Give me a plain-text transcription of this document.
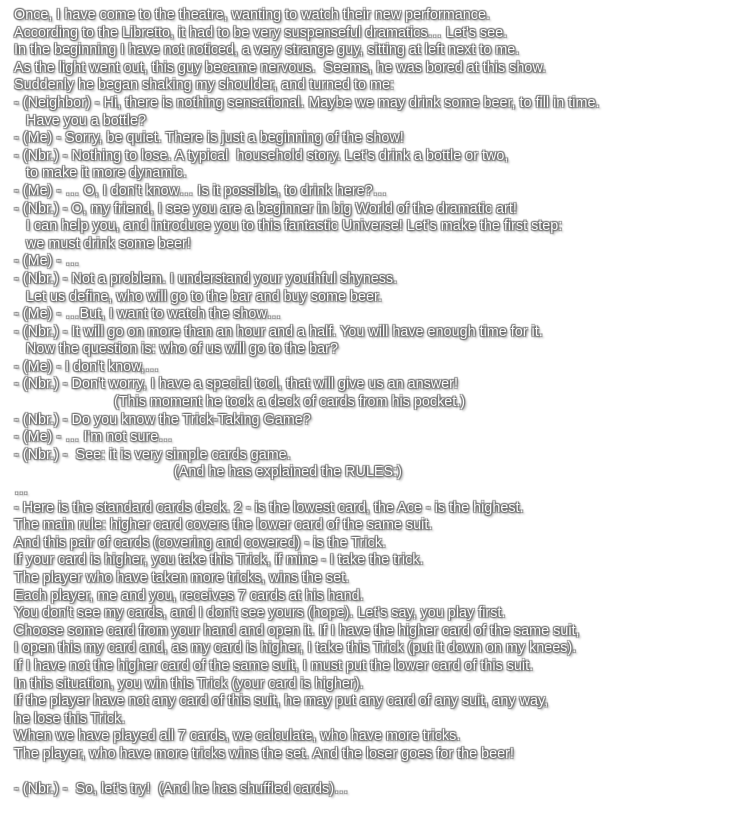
Once, I have come to the theatre, wanting to watch their new performance.
According to the Libretto, it had to be very suspenseful dramatics… Let's see.
In the beginning I have not noticed, a very strange guy, sitting at left next to me.
As the light went out, this guy became nervous.  Seems, he was bored at this show.
Suddenly he began shaking my shoulder, and turned to me:
- (Neighbor) - Hi, there is nothing sensational. Maybe we may drink some beer, to fill in time.
Have you a bottle?
- (Me) - Sorry, be quiet. There is just a beginning of the show!
- (Nbr.) - Nothing to lose. A typical  household story. Let's drink a bottle or two,
to make it more dynamic.
- (Me) - … O, I don't know… Is it possible, to drink here?…
- (Nbr.) - O, my friend, I see you are a beginner in big World of the dramatic art!
I can help you, and introduce you to this fantastic Universe! Let's make the first step:
we must drink some beer!
- (Me) - …
- (Nbr.) - Not a problem. I understand your youthful shyness.
Let us define, who will go to the bar and buy some beer.
- (Me) - …But, I want to watch the show…
- (Nbr.) - It will go on more than an hour and a half. You will have enough time for it.
Now the question is: who of us will go to the bar?
- (Me) - I don't know,…
- (Nbr.) - Don't worry, I have a special tool, that will give us an answer!
(This moment he took a deck of cards from his pocket.)
- (Nbr.) - Do you know the Trick-Taking Game?
- (Me) - … I'm not sure…
- (Nbr.) -  See: it is very simple cards game.
(And he has explained the RULES:)
…
- Here is the standard cards deck. 2 - is the lowest card, the Ace - is the highest.
The main rule: higher card covers the lower card of the same suit.
And this pair of cards (covering and covered) - is the Trick.
If your card is higher, you take this Trick, if mine - I take the trick.
The player who have taken more tricks, wins the set.
Each player, me and you, receives 7 cards at his hand.
You don't see my cards, and I don't see yours (hope). Let's say, you play first.
Choose some card from your hand and open it. If I have the higher card of the same suit,
I open this my card and, as my card is higher, I take this Trick (put it down on my knees).
If I have not the higher card of the same suit, I must put the lower card of this suit.
In this situation, you win this Trick (your card is higher).
If the player have not any card of this suit, he may put any card of any suit, any way,
he lose this Trick.
When we have played all 7 cards, we calculate, who have more tricks.
The player, who have more tricks wins the set. And the loser goes for the beer!
- (Nbr.) -  So, let's try!  (And he has shuffled cards)…
